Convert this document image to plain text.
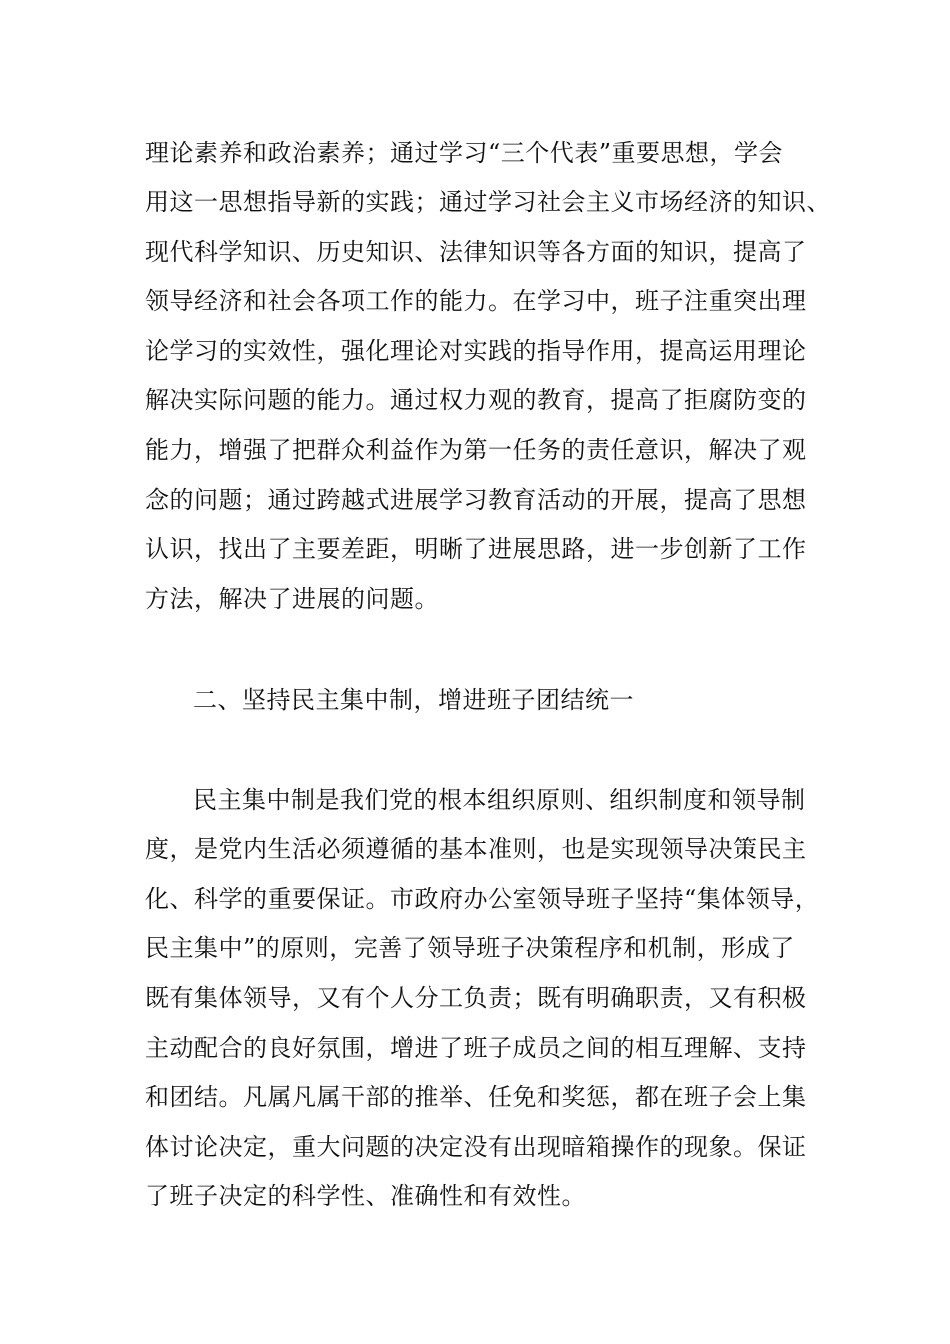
理论素养和政治素养；通过学习“三个代表”重要思想，学会
用这一思想指导新的实践；通过学习社会主义市场经济的知识、
现代科学知识、历史知识、法律知识等各方面的知识，提高了
领导经济和社会各项工作的能力。在学习中，班子注重突出理
论学习的实效性，强化理论对实践的指导作用，提高运用理论
解决实际问题的能力。通过权力观的教育，提高了拒腐防变的
能力，增强了把群众利益作为第一任务的责任意识，解决了观
念的问题；通过跨越式进展学习教育活动的开展，提高了思想
认识，找出了主要差距，明晰了进展思路，进一步创新了工作
方法，解决了进展的问题。
二、坚持民主集中制，增进班子团结统一
民主集中制是我们党的根本组织原则、组织制度和领导制
度，是党内生活必须遵循的基本准则，也是实现领导决策民主
化、科学的重要保证。市政府办公室领导班子坚持“集体领导，
民主集中”的原则，完善了领导班子决策程序和机制，形成了
既有集体领导，又有个人分工负责；既有明确职责，又有积极
主动配合的良好氛围，增进了班子成员之间的相互理解、支持
和团结。凡属凡属干部的推举、任免和奖惩，都在班子会上集
体讨论决定，重大问题的决定没有出现暗箱操作的现象。保证
了班子决定的科学性、准确性和有效性。
